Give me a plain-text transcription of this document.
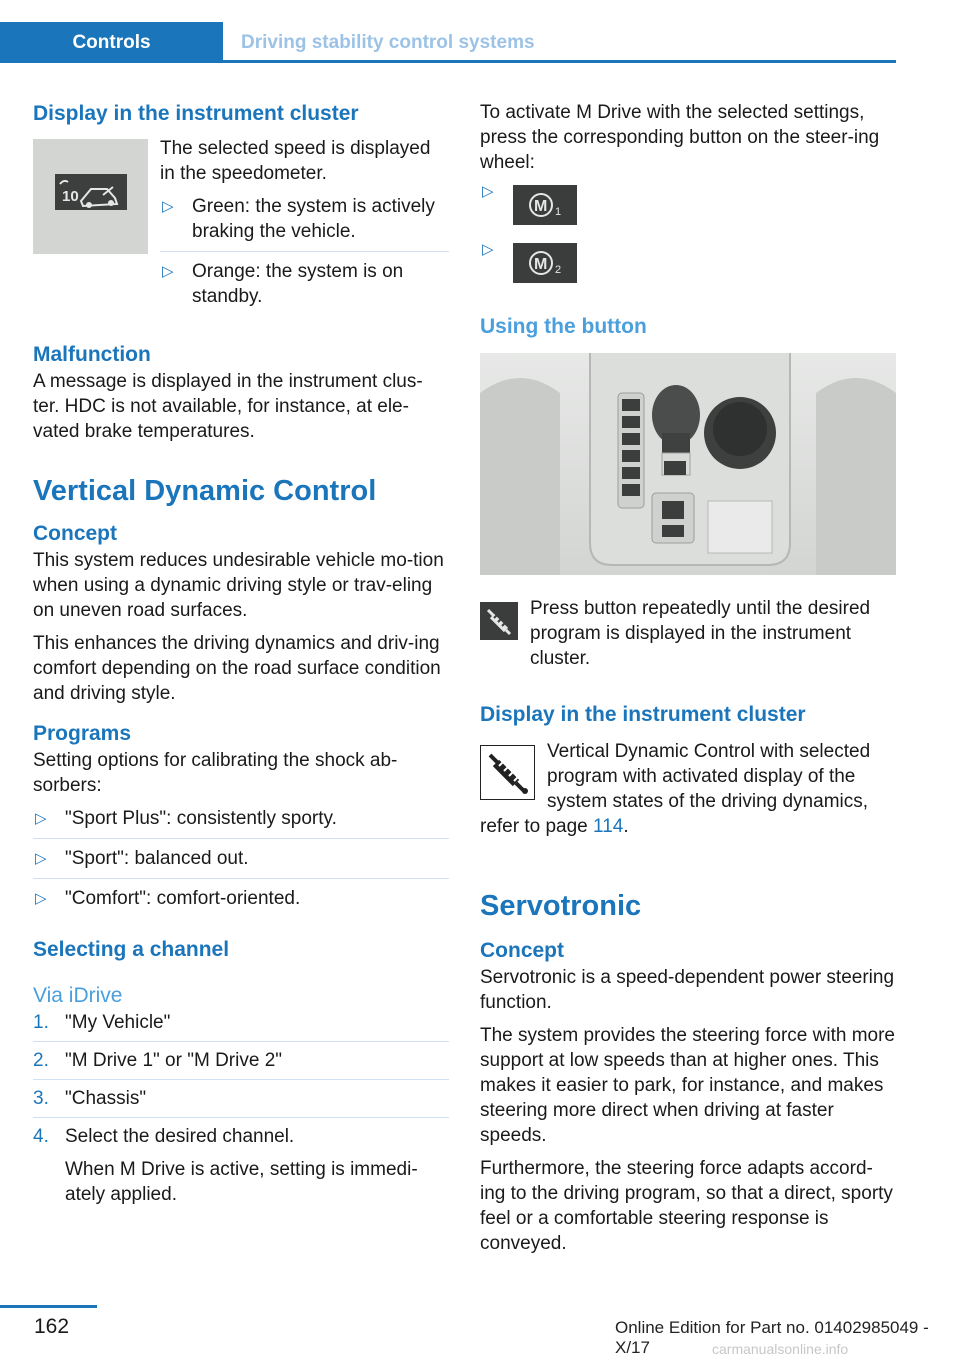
Controls	Driving stability control systems
Display in the instrument cluster
10

The selected speed is displayed in the speedometer.

▷ Green: the system is actively braking the vehicle.
▷ Orange: the system is on standby.
Malfunction

A message is displayed in the instrument clus-ter. HDC is not available, for instance, at ele-vated brake temperatures.

Vertical Dynamic Control
Concept

This system reduces undesirable vehicle mo-tion when using a dynamic driving style or trav-eling on uneven road surfaces.

This enhances the driving dynamics and driv-ing comfort depending on the road surface condition and driving style.

Programs

Setting options for calibrating the shock ab-sorbers:

▷ "Sport Plus": consistently sporty.
▷ "Sport": balanced out.
▷ "Comfort": comfort-oriented.
Selecting a channel
Via iDrive
1. "My Vehicle"
2. "M Drive 1" or "M Drive 2"
3. "Chassis"
4. Select the desired channel.
When M Drive is active, setting is immedi-ately applied.

To activate M Drive with the selected settings, press the corresponding button on the steer-ing wheel:

▷
M 1
▷
M 2
Using the button

Press button repeatedly until the desired program is displayed in the instrument cluster.

Display in the instrument cluster

Vertical Dynamic Control with selected program with activated display of the system states of the driving dynamics, refer to page 114.

Servotronic
Concept

Servotronic is a speed-dependent power steering function.

The system provides the steering force with more support at low speeds than at higher ones. This makes it easier to park, for instance, and makes steering more direct when driving at faster speeds.

Furthermore, the steering force adapts accord-ing to the driving program, so that a direct, sporty feel or a comfortable steering response is conveyed.

162	Online Edition for Part no. 01402985049 - X/17	carmanualsonline.info
